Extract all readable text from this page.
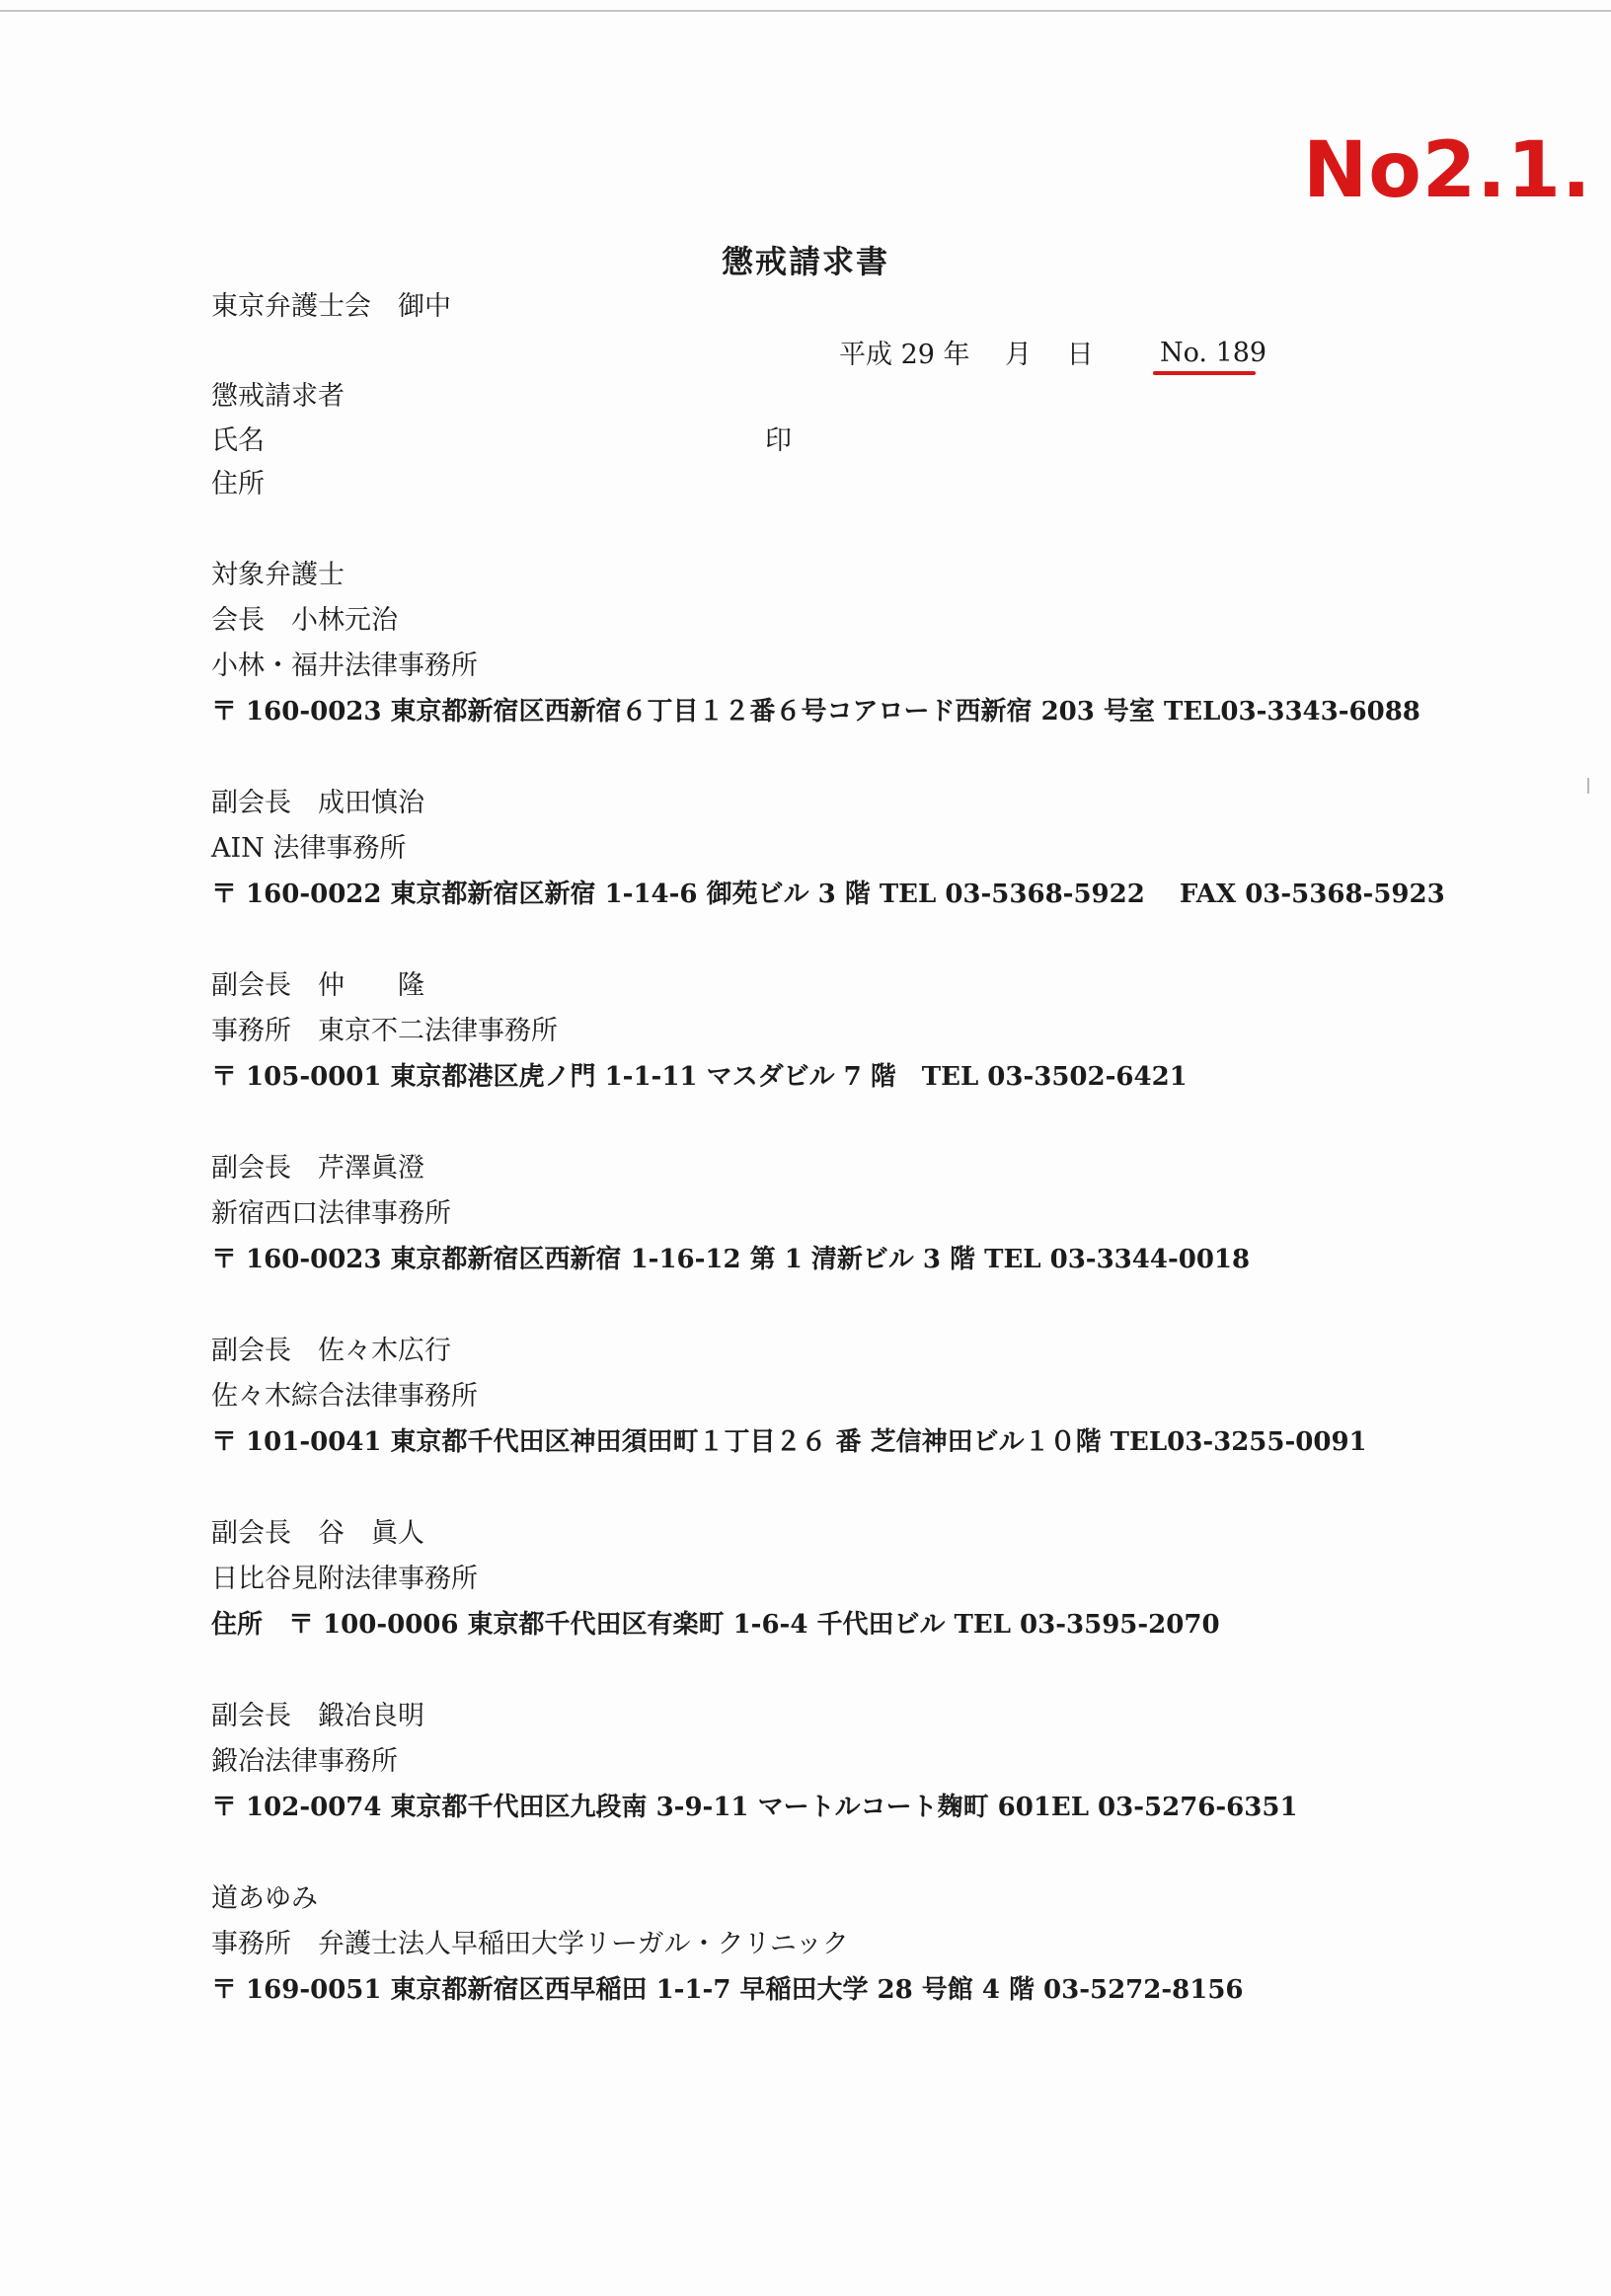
No2.1.
懲戒請求書
東京弁護士会　御中
平成 29 年　 月　 日 No. 189
懲戒請求者
氏名	印
住所
対象弁護士
会長　小林元治
小林・福井法律事務所
〒 160-0023 東京都新宿区西新宿６丁目１２番６号コアロード西新宿 203 号室 TEL03-3343-6088
副会長　成田慎治
AIN 法律事務所
〒 160-0022 東京都新宿区新宿 1-14-6 御苑ビル 3 階 TEL 03-5368-5922　 FAX 03-5368-5923
副会長　仲　　隆
事務所　東京不二法律事務所
〒 105-0001 東京都港区虎ノ門 1-1-11 マスダビル 7 階　TEL 03-3502-6421
副会長　芹澤眞澄
新宿西口法律事務所
〒 160-0023 東京都新宿区西新宿 1-16-12 第 1 清新ビル 3 階 TEL 03-3344-0018
副会長　佐々木広行
佐々木綜合法律事務所
〒 101-0041 東京都千代田区神田須田町１丁目２６ 番 芝信神田ビル１０階 TEL03-3255-0091
副会長　谷　眞人
日比谷見附法律事務所
住所　〒 100-0006 東京都千代田区有楽町 1-6-4 千代田ビル TEL 03-3595-2070
副会長　鍛冶良明
鍛冶法律事務所
〒 102-0074 東京都千代田区九段南 3-9-11 マートルコート麹町 601EL 03-5276-6351
道あゆみ
事務所　弁護士法人早稲田大学リーガル・クリニック
〒 169-0051 東京都新宿区西早稲田 1-1-7 早稲田大学 28 号館 4 階 03-5272-8156
